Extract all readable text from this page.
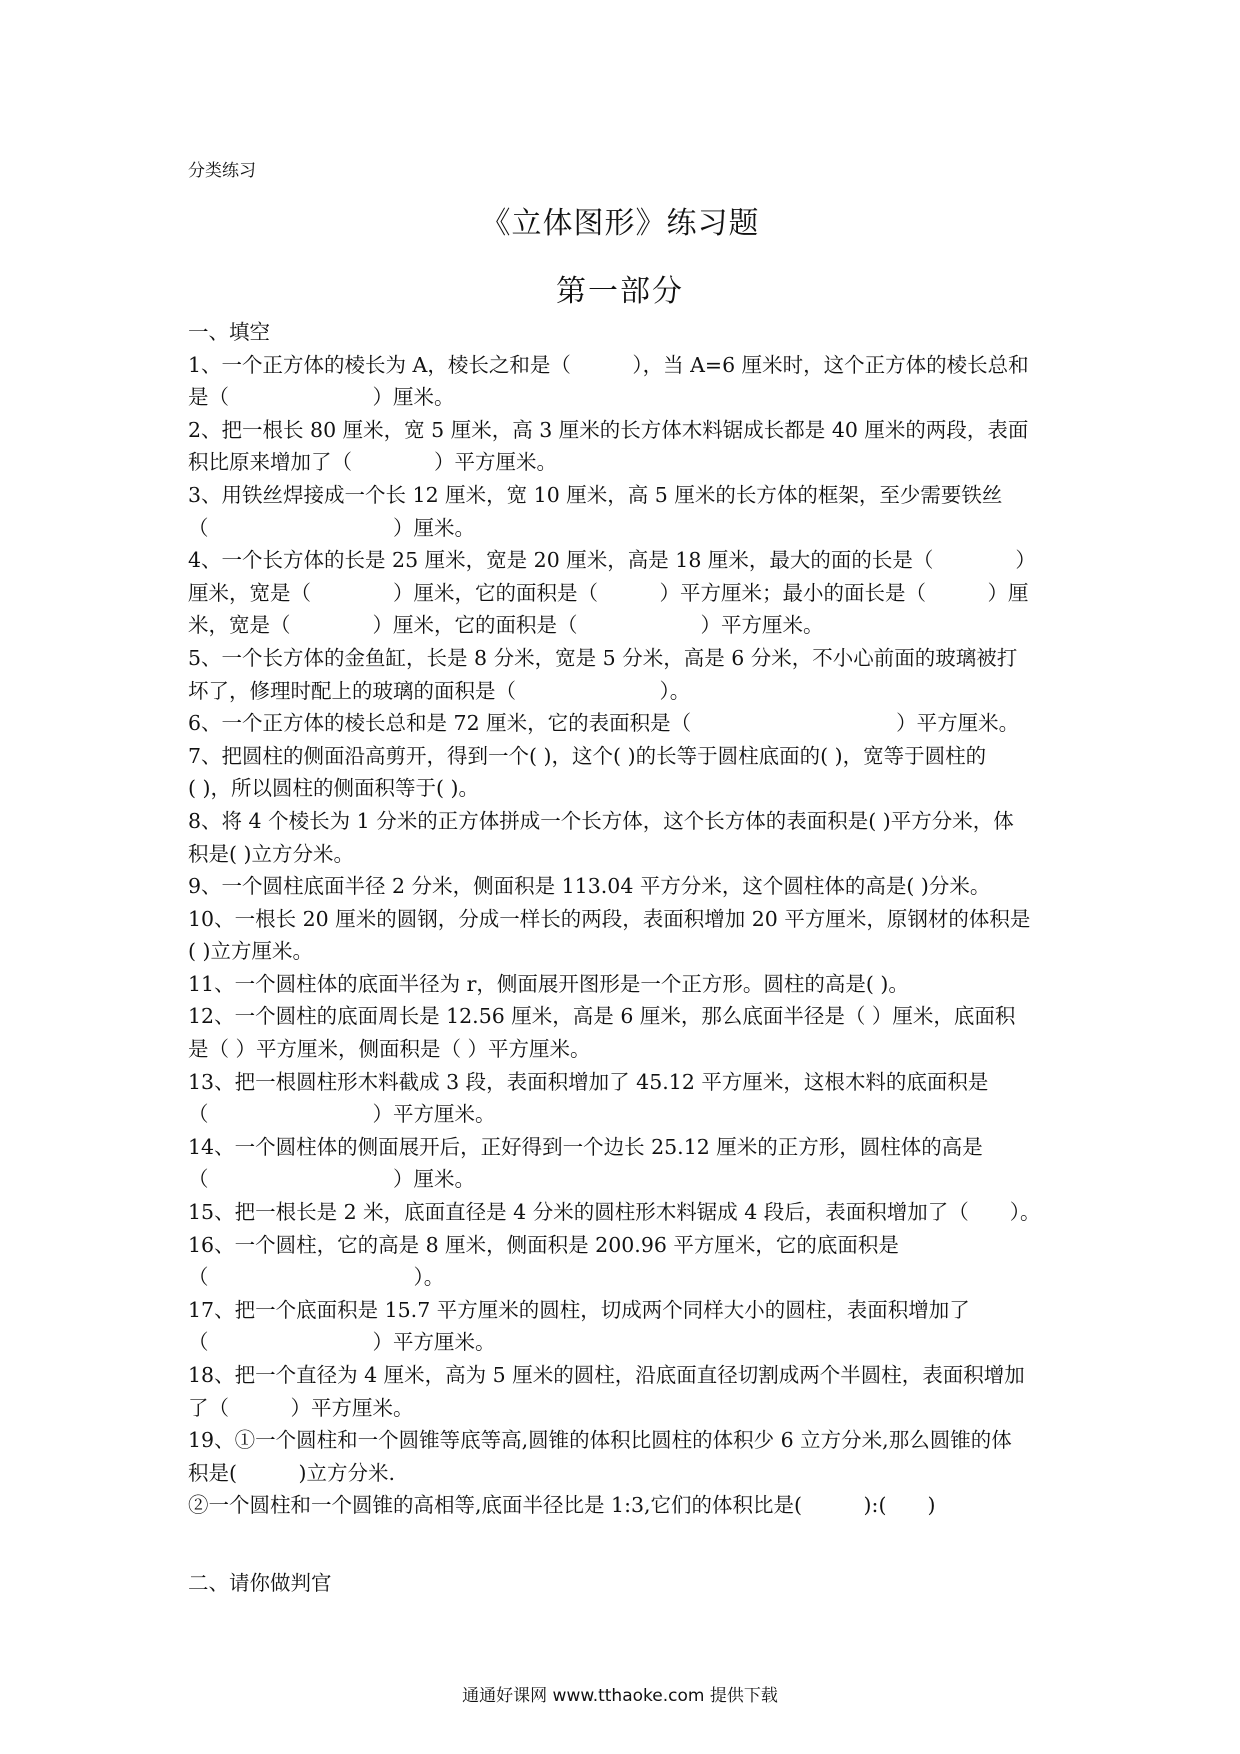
分类练习
《立体图形》练习题
第一部分

一、填空

1、一个正方体的棱长为 A，棱长之和是（　　　），当 A=6 厘米时，这个正方体的棱长总和

是（　　　　　　　）厘米。

2、把一根长 80 厘米，宽 5 厘米，高 3 厘米的长方体木料锯成长都是 40 厘米的两段，表面

积比原来增加了（　　　　）平方厘米。

3、用铁丝焊接成一个长 12 厘米，宽 10 厘米，高 5 厘米的长方体的框架，至少需要铁丝

（　　　　　　　　　）厘米。

4、一个长方体的长是 25 厘米，宽是 20 厘米，高是 18 厘米，最大的面的长是（　　　　）

厘米，宽是（　　　　）厘米，它的面积是（　　　）平方厘米；最小的面长是（　　　）厘

米，宽是（　　　　）厘米，它的面积是（　　　　　　）平方厘米。

5、一个长方体的金鱼缸，长是 8 分米，宽是 5 分米，高是 6 分米，不小心前面的玻璃被打

坏了，修理时配上的玻璃的面积是（　　　　　　　）。

6、一个正方体的棱长总和是 72 厘米，它的表面积是（　　　　　　　　　　）平方厘米。

7、把圆柱的侧面沿高剪开，得到一个( )，这个( )的长等于圆柱底面的( )，宽等于圆柱的

( )，所以圆柱的侧面积等于( )。

8、将 4 个棱长为 1 分米的正方体拼成一个长方体，这个长方体的表面积是( )平方分米，体

积是( )立方分米。

9、一个圆柱底面半径 2 分米，侧面积是 113.04 平方分米，这个圆柱体的高是( )分米。

10、一根长 20 厘米的圆钢，分成一样长的两段，表面积增加 20 平方厘米，原钢材的体积是

( )立方厘米。

11、一个圆柱体的底面半径为 r，侧面展开图形是一个正方形。圆柱的高是( )。

12、一个圆柱的底面周长是 12.56 厘米，高是 6 厘米，那么底面半径是（ ）厘米，底面积

是（ ）平方厘米，侧面积是（ ）平方厘米。

13、把一根圆柱形木料截成 3 段，表面积增加了 45.12 平方厘米，这根木料的底面积是

（　　　　　　　　）平方厘米。

14、一个圆柱体的侧面展开后，正好得到一个边长 25.12 厘米的正方形，圆柱体的高是

（　　　　　　　　　）厘米。

15、把一根长是 2 米，底面直径是 4 分米的圆柱形木料锯成 4 段后，表面积增加了（　　）。

16、一个圆柱，它的高是 8 厘米，侧面积是 200.96 平方厘米，它的底面积是

（　　　　　　　　　　）。

17、把一个底面积是 15.7 平方厘米的圆柱，切成两个同样大小的圆柱，表面积增加了

（　　　　　　　　）平方厘米。

18、把一个直径为 4 厘米，高为 5 厘米的圆柱，沿底面直径切割成两个半圆柱，表面积增加

了（　　　）平方厘米。

19、①一个圆柱和一个圆锥等底等高,圆锥的体积比圆柱的体积少 6 立方分米,那么圆锥的体

积是(　　　)立方分米.

②一个圆柱和一个圆锥的高相等,底面半径比是 1:3,它们的体积比是(　　　):(　　)

二、请你做判官
通通好课网 www.tthaoke.com 提供下载
